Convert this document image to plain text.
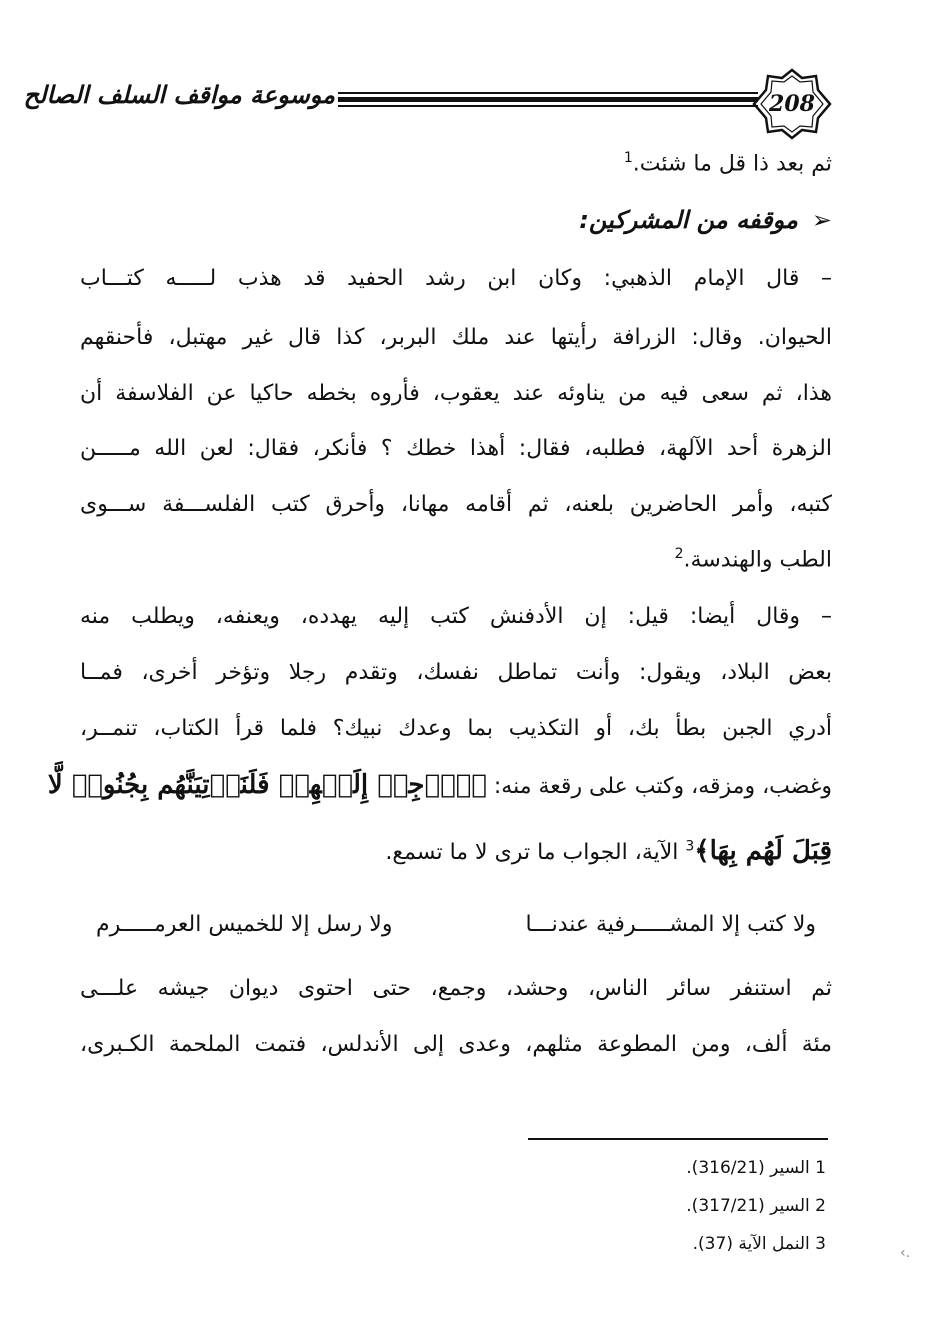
موسوعة مواقف السلف الصالح	208
ثم بعد ذا قل ما شئت.$^1$
➢موقفه من المشركين:
– قال الإمام الذهبي: وكان ابن رشد الحفيد قد هذب لـــــه كتـــاب
الحيوان. وقال: الزرافة رأيتها عند ملك البربر، كذا قال غير مهتبل، فأحنقهم
هذا، ثم سعى فيه من يناوئه عند يعقوب، فأروه بخطه حاكيا عن الفلاسفة أن
الزهرة أحد الآلهة، فطلبه، فقال: أهذا خطك ؟ فأنكر، فقال: لعن الله مـــــن
كتبه، وأمر الحاضرين بلعنه، ثم أقامه مهانا، وأحرق كتب الفلســـفة ســـوى
الطب والهندسة.$^2$
– وقال أيضا: قيل: إن الأدفنش كتب إليه يهدده، ويعنفه، ويطلب منه
بعض البلاد، ويقول: وأنت تماطل نفسك، وتقدم رجلا وتؤخر أخرى، فمــا
أدري الجبن بطأ بك، أو التكذيب بما وعدك نبيك؟ فلما قرأ الكتاب، تنمــر،
وغضب، ومزقه، وكتب على رقعة منه: ﴿ٱرۡجِعۡ إِلَيۡهِمۡ فَلَنَأۡتِيَنَّهُم بِجُنُودٖ لَّا
قِبَلَ لَهُم بِهَا﴾$^3$ الآية، الجواب ما ترى لا ما تسمع.
ولا كتب إلا المشـــــرفية عندنـــا
ولا رسل إلا للخميس العرمـــــرم
ثم استنفر سائر الناس، وحشد، وجمع، حتى احتوى ديوان جيشه علـــى
مئة ألف، ومن المطوعة مثلهم، وعدى إلى الأندلس، فتمت الملحمة الكـبرى،
1 السير (316/21).
2 السير (317/21).
3 النمل الآية (37).	‹.
